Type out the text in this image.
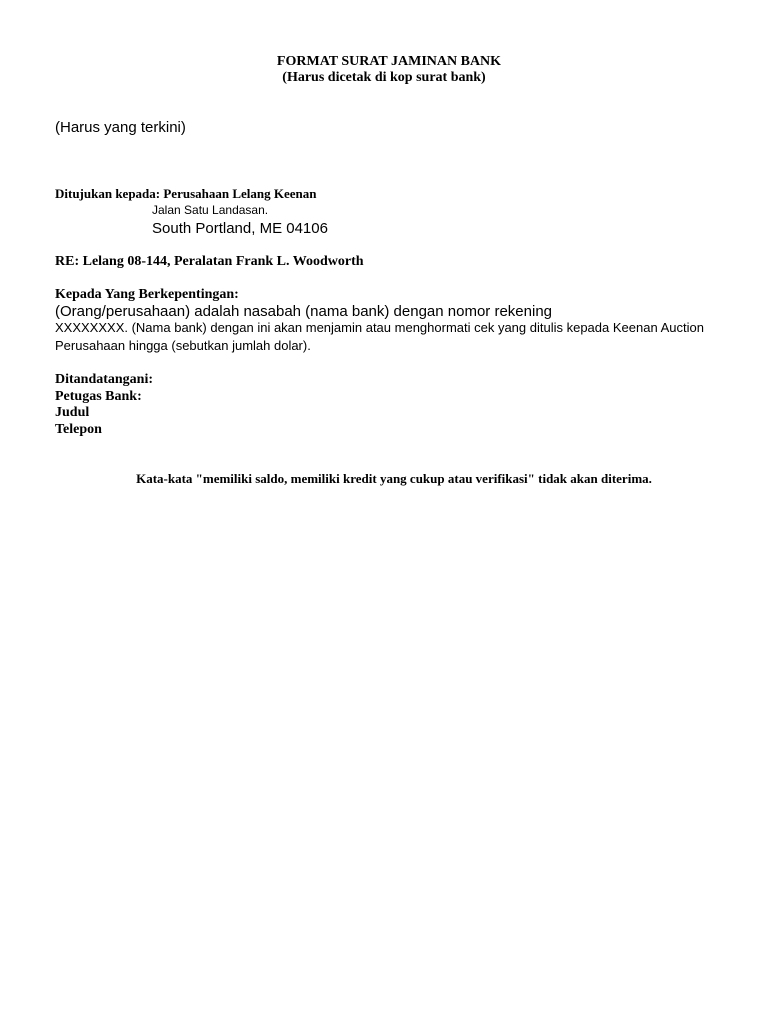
FORMAT SURAT JAMINAN BANK
(Harus dicetak di kop surat bank)
(Harus yang terkini)
Ditujukan kepada: Perusahaan Lelang Keenan
Jalan Satu Landasan.
South Portland, ME 04106
RE: Lelang 08-144, Peralatan Frank L. Woodworth
Kepada Yang Berkepentingan:
(Orang/perusahaan) adalah nasabah (nama bank) dengan nomor rekening
XXXXXXXX. (Nama bank) dengan ini akan menjamin atau menghormati cek yang ditulis kepada Keenan Auction
Perusahaan hingga (sebutkan jumlah dolar).
Ditandatangani:
Petugas Bank:
Judul
Telepon
Kata-kata "memiliki saldo, memiliki kredit yang cukup atau verifikasi" tidak akan diterima.
